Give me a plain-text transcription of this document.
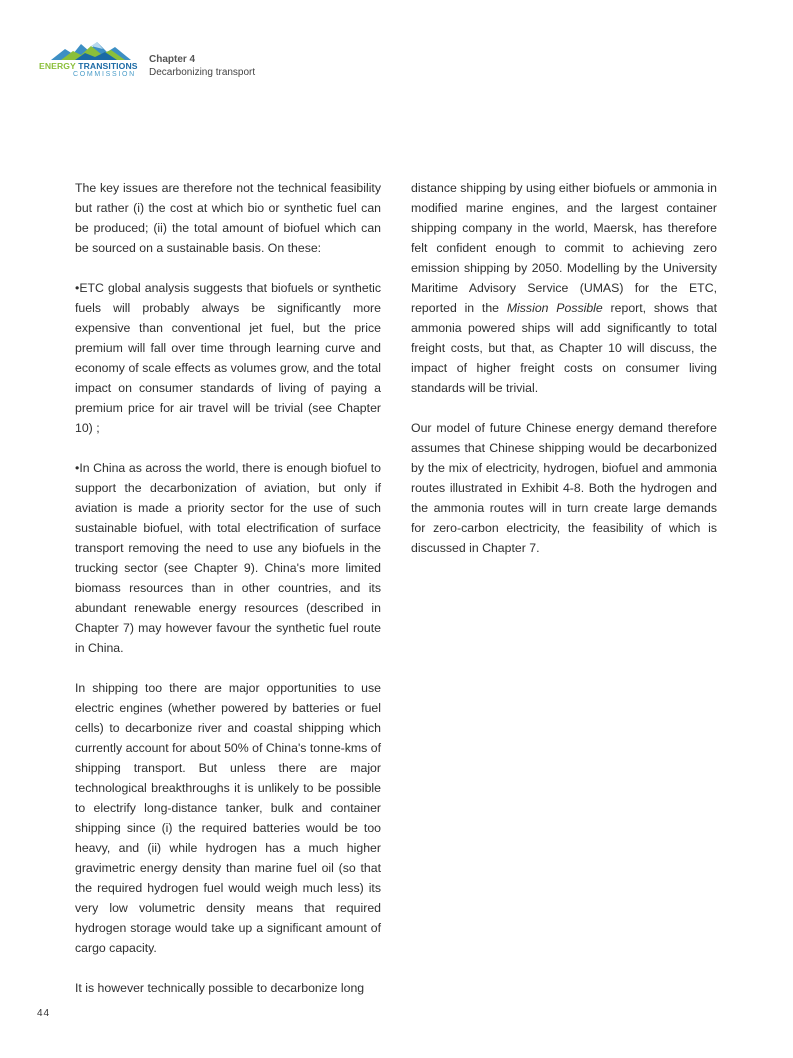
ENERGY TRANSITIONS
COMMISSION
Chapter 4
Decarbonizing transport

The key issues are therefore not the technical feasibility but rather (i) the cost at which bio or synthetic fuel can be produced; (ii) the total amount of biofuel which can be sourced on a sustainable basis. On these:

•ETC global analysis suggests that biofuels or synthetic fuels will probably always be significantly more expensive than conventional jet fuel, but the price premium will fall over time through learning curve and economy of scale effects as volumes grow, and the total impact on consumer standards of living of paying a premium price for air travel will be trivial (see Chapter 10) ;

•In China as across the world, there is enough biofuel to support the decarbonization of aviation, but only if aviation is made a priority sector for the use of such sustainable biofuel, with total electrification of surface transport removing the need to use any biofuels in the trucking sector (see Chapter 9). China's more limited biomass resources than in other countries, and its abundant renewable energy resources (described in Chapter 7) may however favour the synthetic fuel route in China.

In shipping too there are major opportunities to use electric engines (whether powered by batteries or fuel cells) to decarbonize river and coastal shipping which currently account for about 50% of China's tonne-kms of shipping transport. But unless there are major technological breakthroughs it is unlikely to be possible to electrify long-distance tanker, bulk and container shipping since (i) the required batteries would be too heavy, and (ii) while hydrogen has a much higher gravimetric energy density than marine fuel oil (so that the required hydrogen fuel would weigh much less) its very low volumetric density means that required hydrogen storage would take up a significant amount of cargo capacity.

It is however technically possible to decarbonize long

distance shipping by using either biofuels or ammonia in modified marine engines, and the largest container shipping company in the world, Maersk, has therefore felt confident enough to commit to achieving zero emission shipping by 2050. Modelling by the University Maritime Advisory Service (UMAS) for the ETC, reported in the Mission Possible report, shows that ammonia powered ships will add significantly to total freight costs, but that, as Chapter 10 will discuss, the impact of higher freight costs on consumer living standards will be trivial.

Our model of future Chinese energy demand therefore assumes that Chinese shipping would be decarbonized by the mix of electricity, hydrogen, biofuel and ammonia routes illustrated in Exhibit 4-8. Both the hydrogen and the ammonia routes will in turn create large demands for zero-carbon electricity, the feasibility of which is discussed in Chapter 7.

44
